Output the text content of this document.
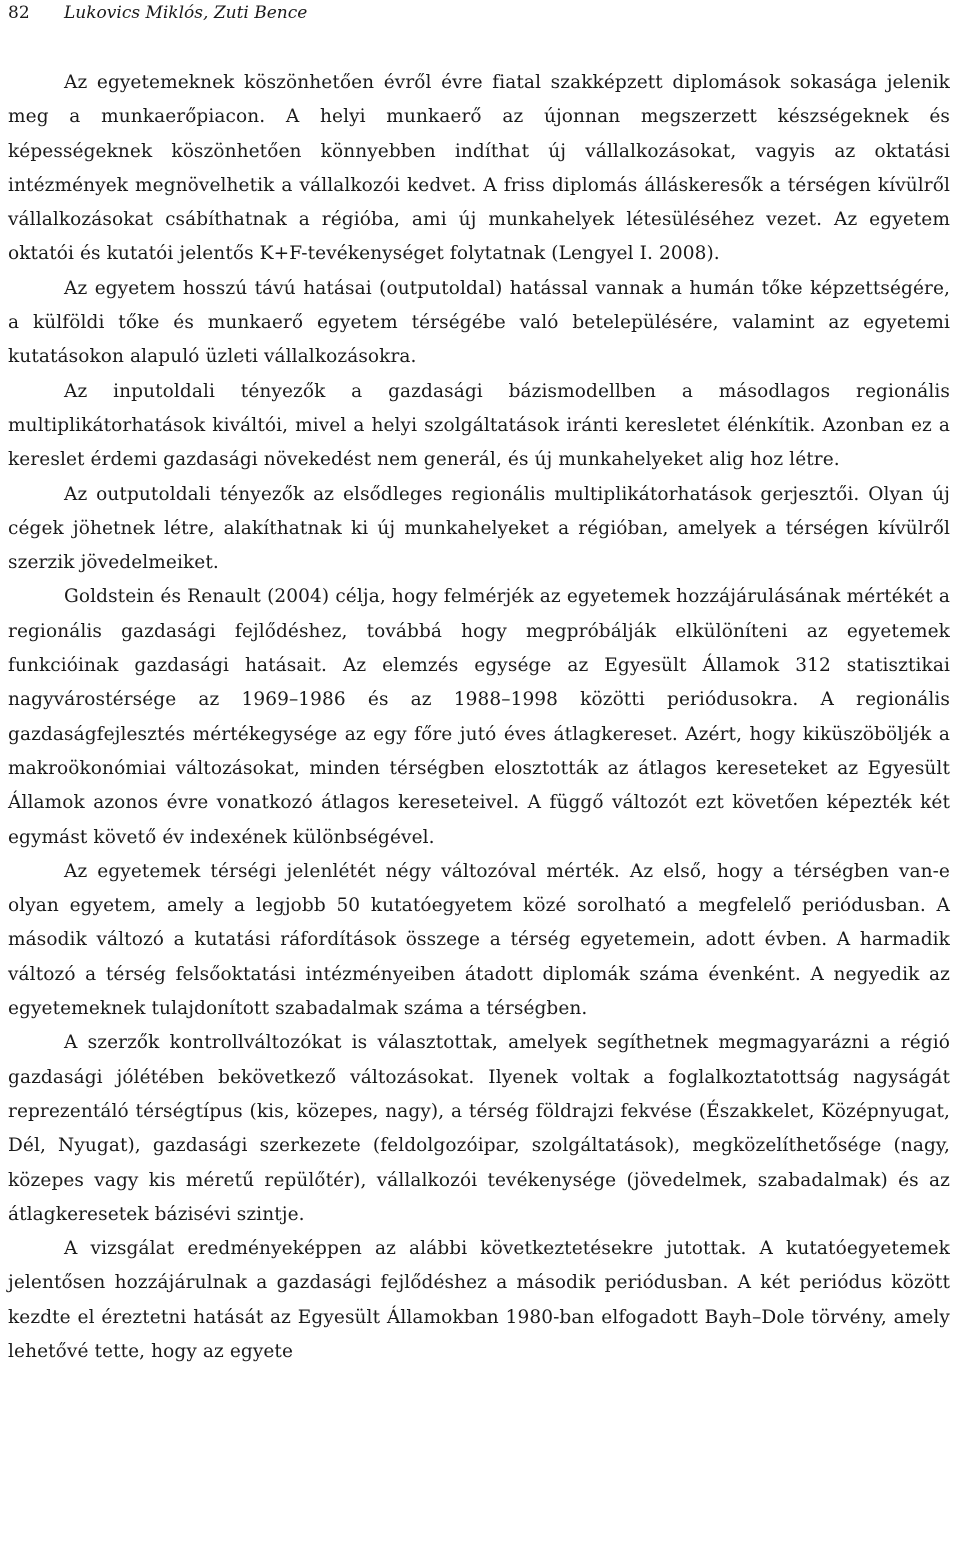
82 Lukovics Miklós, Zuti Bence

Az egyetemeknek köszönhetően évről évre fiatal szakképzett diplomások sokasága jelenik meg a munkaerőpiacon. A helyi munkaerő az újonnan megszerzett készségeknek és képességeknek köszönhetően könnyebben indíthat új vállalkozásokat, vagyis az oktatási intézmények megnövelhetik a vállalkozói kedvet. A friss diplomás álláskeresők a térségen kívülről vállalkozásokat csábíthatnak a régióba, ami új munkahelyek létesüléséhez vezet. Az egyetem oktatói és kutatói jelentős K+F-tevékenységet folytatnak (Lengyel I. 2008).

Az egyetem hosszú távú hatásai (outputoldal) hatással vannak a humán tőke képzettségére, a külföldi tőke és munkaerő egyetem térségébe való betelepülésére, valamint az egyetemi kutatásokon alapuló üzleti vállalkozásokra.

Az inputoldali tényezők a gazdasági bázismodellben a másodlagos regionális multiplikátorhatások kiváltói, mivel a helyi szolgáltatások iránti keresletet élénkítik. Azonban ez a kereslet érdemi gazdasági növekedést nem generál, és új munkahelyeket alig hoz létre.

Az outputoldali tényezők az elsődleges regionális multiplikátorhatások gerjesztői. Olyan új cégek jöhetnek létre, alakíthatnak ki új munkahelyeket a régióban, amelyek a térségen kívülről szerzik jövedelmeiket.

Goldstein és Renault (2004) célja, hogy felmérjék az egyetemek hozzájárulásának mértékét a regionális gazdasági fejlődéshez, továbbá hogy megpróbálják elkülöníteni az egyetemek funkcióinak gazdasági hatásait. Az elemzés egysége az Egyesült Államok 312 statisztikai nagyvárostérsége az 1969–1986 és az 1988–1998 közötti periódusokra. A regionális gazdaságfejlesztés mértékegysége az egy főre jutó éves átlagkereset. Azért, hogy kiküszöböljék a makroökonómiai változásokat, minden térségben elosztották az átlagos kereseteket az Egyesült Államok azonos évre vonatkozó átlagos kereseteivel. A függő változót ezt követően képezték két egymást követő év indexének különbségével.

Az egyetemek térségi jelenlétét négy változóval mérték. Az első, hogy a térségben van-e olyan egyetem, amely a legjobb 50 kutatóegyetem közé sorolható a megfelelő periódusban. A második változó a kutatási ráfordítások összege a térség egyetemein, adott évben. A harmadik változó a térség felsőoktatási intézményeiben átadott diplomák száma évenként. A negyedik az egyetemeknek tulajdonított szabadalmak száma a térségben.

A szerzők kontrollváltozókat is választottak, amelyek segíthetnek megmagyarázni a régió gazdasági jólétében bekövetkező változásokat. Ilyenek voltak a foglalkoztatottság nagyságát reprezentáló térségtípus (kis, közepes, nagy), a térség földrajzi fekvése (Északkelet, Középnyugat, Dél, Nyugat), gazdasági szerkezete (feldolgozóipar, szolgáltatások), megközelíthetősége (nagy, közepes vagy kis méretű repülőtér), vállalkozói tevékenysége (jövedelmek, szabadalmak) és az átlagkeresetek bázisévi szintje.

A vizsgálat eredményeképpen az alábbi következtetésekre jutottak. A kutatóegyetemek jelentősen hozzájárulnak a gazdasági fejlődéshez a második periódusban. A két periódus között kezdte el éreztetni hatását az Egyesült Államokban 1980-ban elfogadott Bayh–Dole törvény, amely lehetővé tette, hogy az egyete
